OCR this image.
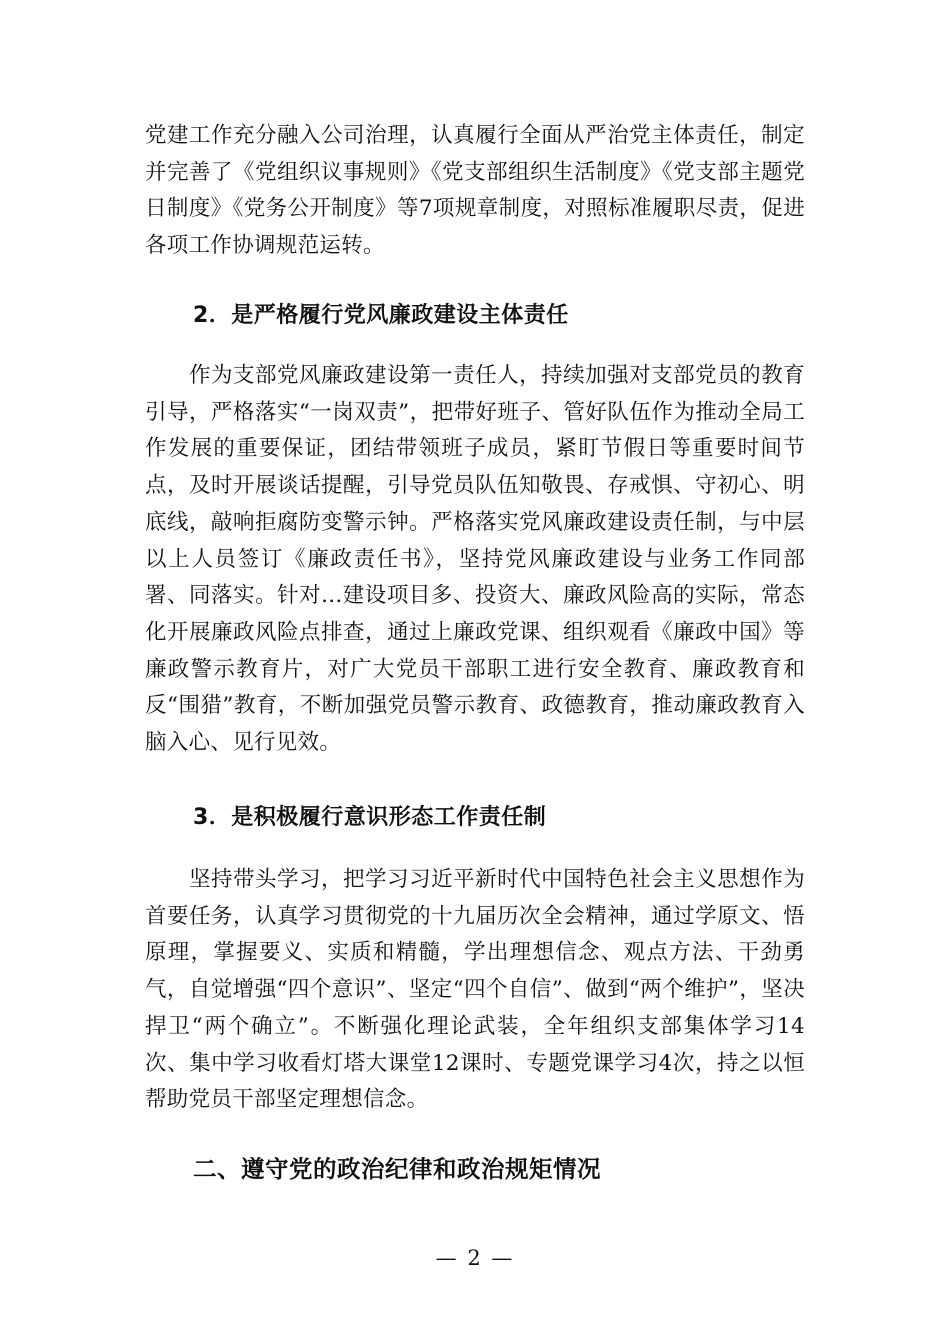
党建工作充分融入公司治理，认真履行全面从严治党主体责任，制定并完善了《党组织议事规则》《党支部组织生活制度》《党支部主题党日制度》《党务公开制度》等7项规章制度，对照标准履职尽责，促进各项工作协调规范运转。

2．是严格履行党风廉政建设主体责任

作为支部党风廉政建设第一责任人，持续加强对支部党员的教育引导，严格落实“一岗双责”，把带好班子、管好队伍作为推动全局工作发展的重要保证，团结带领班子成员，紧盯节假日等重要时间节点，及时开展谈话提醒，引导党员队伍知敬畏、存戒惧、守初心、明底线，敲响拒腐防变警示钟。严格落实党风廉政建设责任制，与中层以上人员签订《廉政责任书》，坚持党风廉政建设与业务工作同部署、同落实。针对...建设项目多、投资大、廉政风险高的实际，常态化开展廉政风险点排查，通过上廉政党课、组织观看《廉政中国》等廉政警示教育片，对广大党员干部职工进行安全教育、廉政教育和反“围猎”教育，不断加强党员警示教育、政德教育，推动廉政教育入脑入心、见行见效。

3．是积极履行意识形态工作责任制

坚持带头学习，把学习习近平新时代中国特色社会主义思想作为首要任务，认真学习贯彻党的十九届历次全会精神，通过学原文、悟原理，掌握要义、实质和精髓，学出理想信念、观点方法、干劲勇气，自觉增强“四个意识”、坚定“四个自信”、做到“两个维护”，坚决捍卫“两个确立”。不断强化理论武装，全年组织支部集体学习14次、集中学习收看灯塔大课堂12课时、专题党课学习4次，持之以恒帮助党员干部坚定理想信念。

二、遵守党的政治纪律和政治规矩情况
— 2 —
